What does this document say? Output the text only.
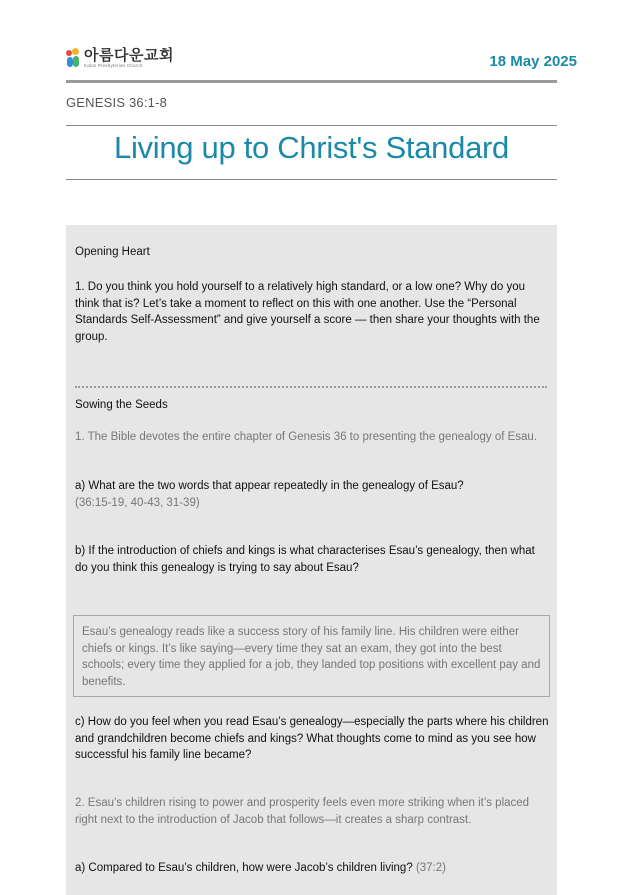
아름다운교회
Kalos Presbyterian Church	18 May 2025
GENESIS 36:1-8
Living up to Christ's Standard
Opening Heart
1. Do you think you hold yourself to a relatively high standard, or a low one? Why do you think that is? Let’s take a moment to reflect on this with one another. Use the “Personal Standards Self-Assessment” and give yourself a score — then share your thoughts with the group.
Sowing the Seeds
1. The Bible devotes the entire chapter of Genesis 36 to presenting the genealogy of Esau.
a) What are the two words that appear repeatedly in the genealogy of Esau?
(36:15-19, 40-43, 31-39)
b) If the introduction of chiefs and kings is what characterises Esau’s genealogy, then what do you think this genealogy is trying to say about Esau?
Esau’s genealogy reads like a success story of his family line. His children were either chiefs or kings. It’s like saying—every time they sat an exam, they got into the best schools; every time they applied for a job, they landed top positions with excellent pay and benefits.
c) How do you feel when you read Esau’s genealogy—especially the parts where his children and grandchildren become chiefs and kings? What thoughts come to mind as you see how successful his family line became?
2. Esau’s children rising to power and prosperity feels even more striking when it’s placed right next to the introduction of Jacob that follows—it creates a sharp contrast.
a) Compared to Esau’s children, how were Jacob’s children living? (37:2)
